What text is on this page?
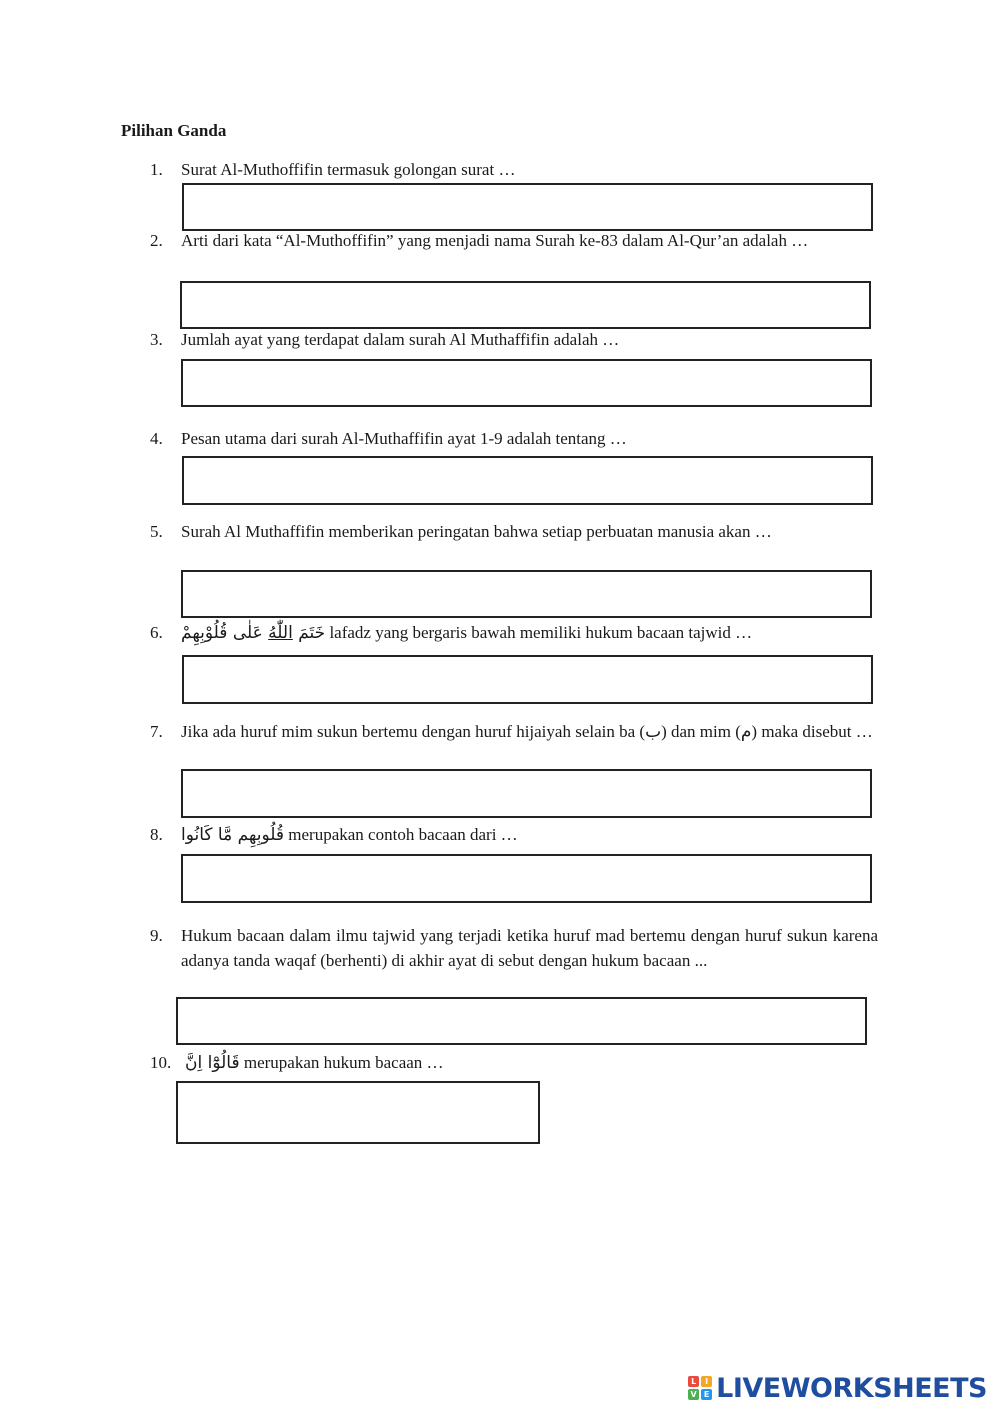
Pilihan Ganda
1. Surat Al-Muthoffifin termasuk golongan surat …
2. Arti dari kata “Al-Muthoffifin” yang menjadi nama Surah ke-83 dalam Al-Qur’an adalah …
3. Jumlah ayat yang terdapat dalam surah Al Muthaffifin adalah …
4. Pesan utama dari surah Al-Muthaffifin ayat 1-9 adalah tentang …
5. Surah Al Muthaffifin memberikan peringatan bahwa setiap perbuatan manusia akan …
6.	خَتَمَ اللّٰهُ عَلٰى قُلُوْبِهِمْ	lafadz yang bergaris bawah memiliki hukum bacaan tajwid …
7. Jika ada huruf mim sukun bertemu dengan huruf hijaiyah selain ba (ب) dan mim (م) maka disebut …
8. قُلُوبِهِم مَّا كَانُوا merupakan contoh bacaan dari …
9. Hukum bacaan dalam ilmu tajwid yang terjadi ketika huruf mad bertemu dengan huruf sukun karena adanya tanda waqaf (berhenti) di akhir ayat di sebut dengan hukum bacaan ...
10. قَالُوْٓا اِنَّ merupakan hukum bacaan …
L	I
V E LIVEWORKSHEETS
